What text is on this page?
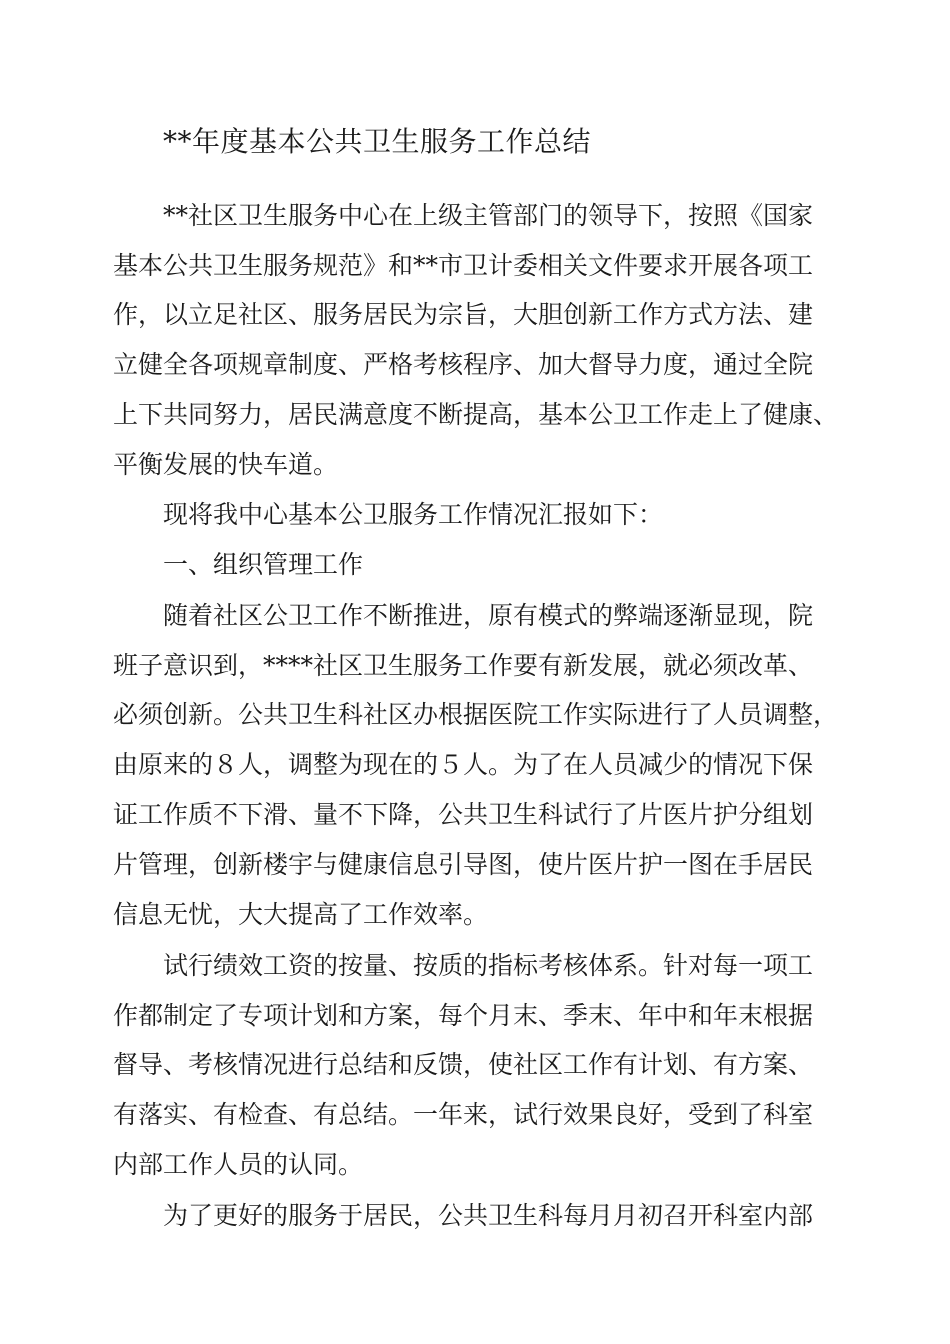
**年度基本公共卫生服务工作总结
**社区卫生服务中心在上级主管部门的领导下，按照《国家
基本公共卫生服务规范》和**市卫计委相关文件要求开展各项工
作，以立足社区、服务居民为宗旨，大胆创新工作方式方法、建
立健全各项规章制度、严格考核程序、加大督导力度，通过全院
上下共同努力，居民满意度不断提高，基本公卫工作走上了健康、
平衡发展的快车道。
现将我中心基本公卫服务工作情况汇报如下：
一、组织管理工作
随着社区公卫工作不断推进，原有模式的弊端逐渐显现，院
班子意识到，****社区卫生服务工作要有新发展，就必须改革、
必须创新。公共卫生科社区办根据医院工作实际进行了人员调整，
由原来的８人，调整为现在的５人。为了在人员减少的情况下保
证工作质不下滑、量不下降，公共卫生科试行了片医片护分组划
片管理，创新楼宇与健康信息引导图，使片医片护一图在手居民
信息无忧，大大提高了工作效率。
试行绩效工资的按量、按质的指标考核体系。针对每一项工
作都制定了专项计划和方案，每个月末、季末、年中和年末根据
督导、考核情况进行总结和反馈，使社区工作有计划、有方案、
有落实、有检查、有总结。一年来，试行效果良好，受到了科室
内部工作人员的认同。
为了更好的服务于居民，公共卫生科每月月初召开科室内部
